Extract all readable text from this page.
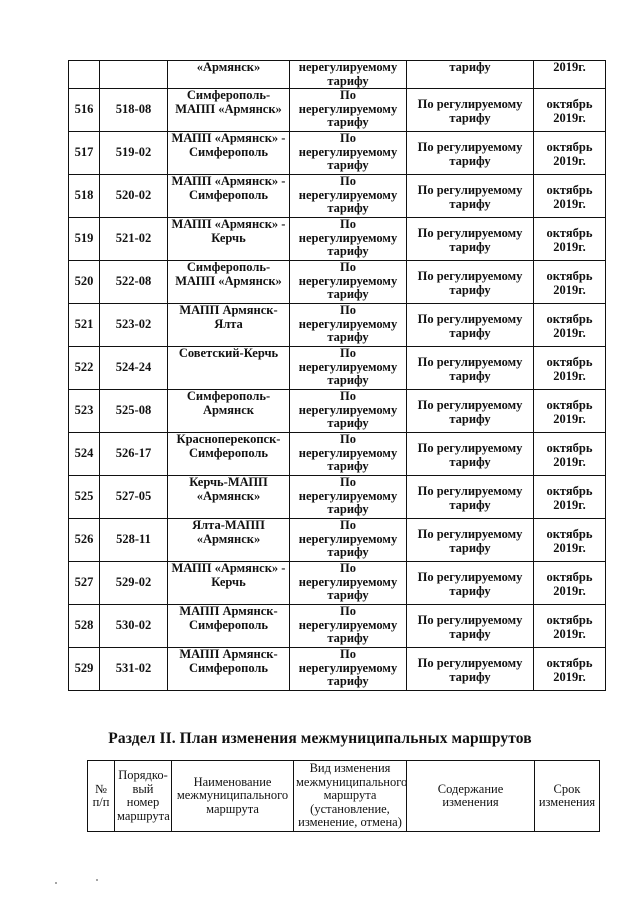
		«Армянск»	нерегулируемому тарифу	тарифу	2019г.
516	518-08	Симферополь-МАПП «Армянск»	По нерегулируемому тарифу	По регулируемому тарифу	октябрь 2019г.

517	519-02	МАПП «Армянск» - Симферополь	По нерегулируемому тарифу	По регулируемому тарифу	октябрь 2019г.

518	520-02	МАПП «Армянск» - Симферополь	По нерегулируемому тарифу	По регулируемому тарифу	октябрь 2019г.

519	521-02	МАПП «Армянск» - Керчь	По нерегулируемому тарифу	По регулируемому тарифу	октябрь 2019г.

520	522-08	Симферополь-МАПП «Армянск»	По нерегулируемому тарифу	По регулируемому тарифу	октябрь 2019г.

521	523-02	МАПП Армянск-Ялта	По нерегулируемому тарифу	По регулируемому тарифу	октябрь 2019г.

522	524-24	Советский-Керчь	По нерегулируемому тарифу	По регулируемому тарифу	октябрь 2019г.

523	525-08	Симферополь-Армянск	По нерегулируемому тарифу	По регулируемому тарифу	октябрь 2019г.

524	526-17	Красноперекопск-Симферополь	По нерегулируемому тарифу	По регулируемому тарифу	октябрь 2019г.

525	527-05	Керчь-МАПП «Армянск»	По нерегулируемому тарифу	По регулируемому тарифу	октябрь 2019г.

526	528-11	Ялта-МАПП «Армянск»	По нерегулируемому тарифу	По регулируемому тарифу	октябрь 2019г.

527	529-02	МАПП «Армянск» - Керчь	По нерегулируемому тарифу	По регулируемому тарифу	октябрь 2019г.

528	530-02	МАПП Армянск-Симферополь	По нерегулируемому тарифу	По регулируемому тарифу	октябрь 2019г.

529	531-02	МАПП Армянск-Симферополь	По нерегулируемому тарифу	По регулируемому тарифу	октябрь 2019г.
Раздел II. План изменения межмуниципальных маршрутов
№ п/п	Порядко-вый номер маршрута	Наименование межмуниципального маршрута	Вид изменения межмуниципального маршрута (установление, изменение, отмена)	Содержание изменения	Срок изменения
